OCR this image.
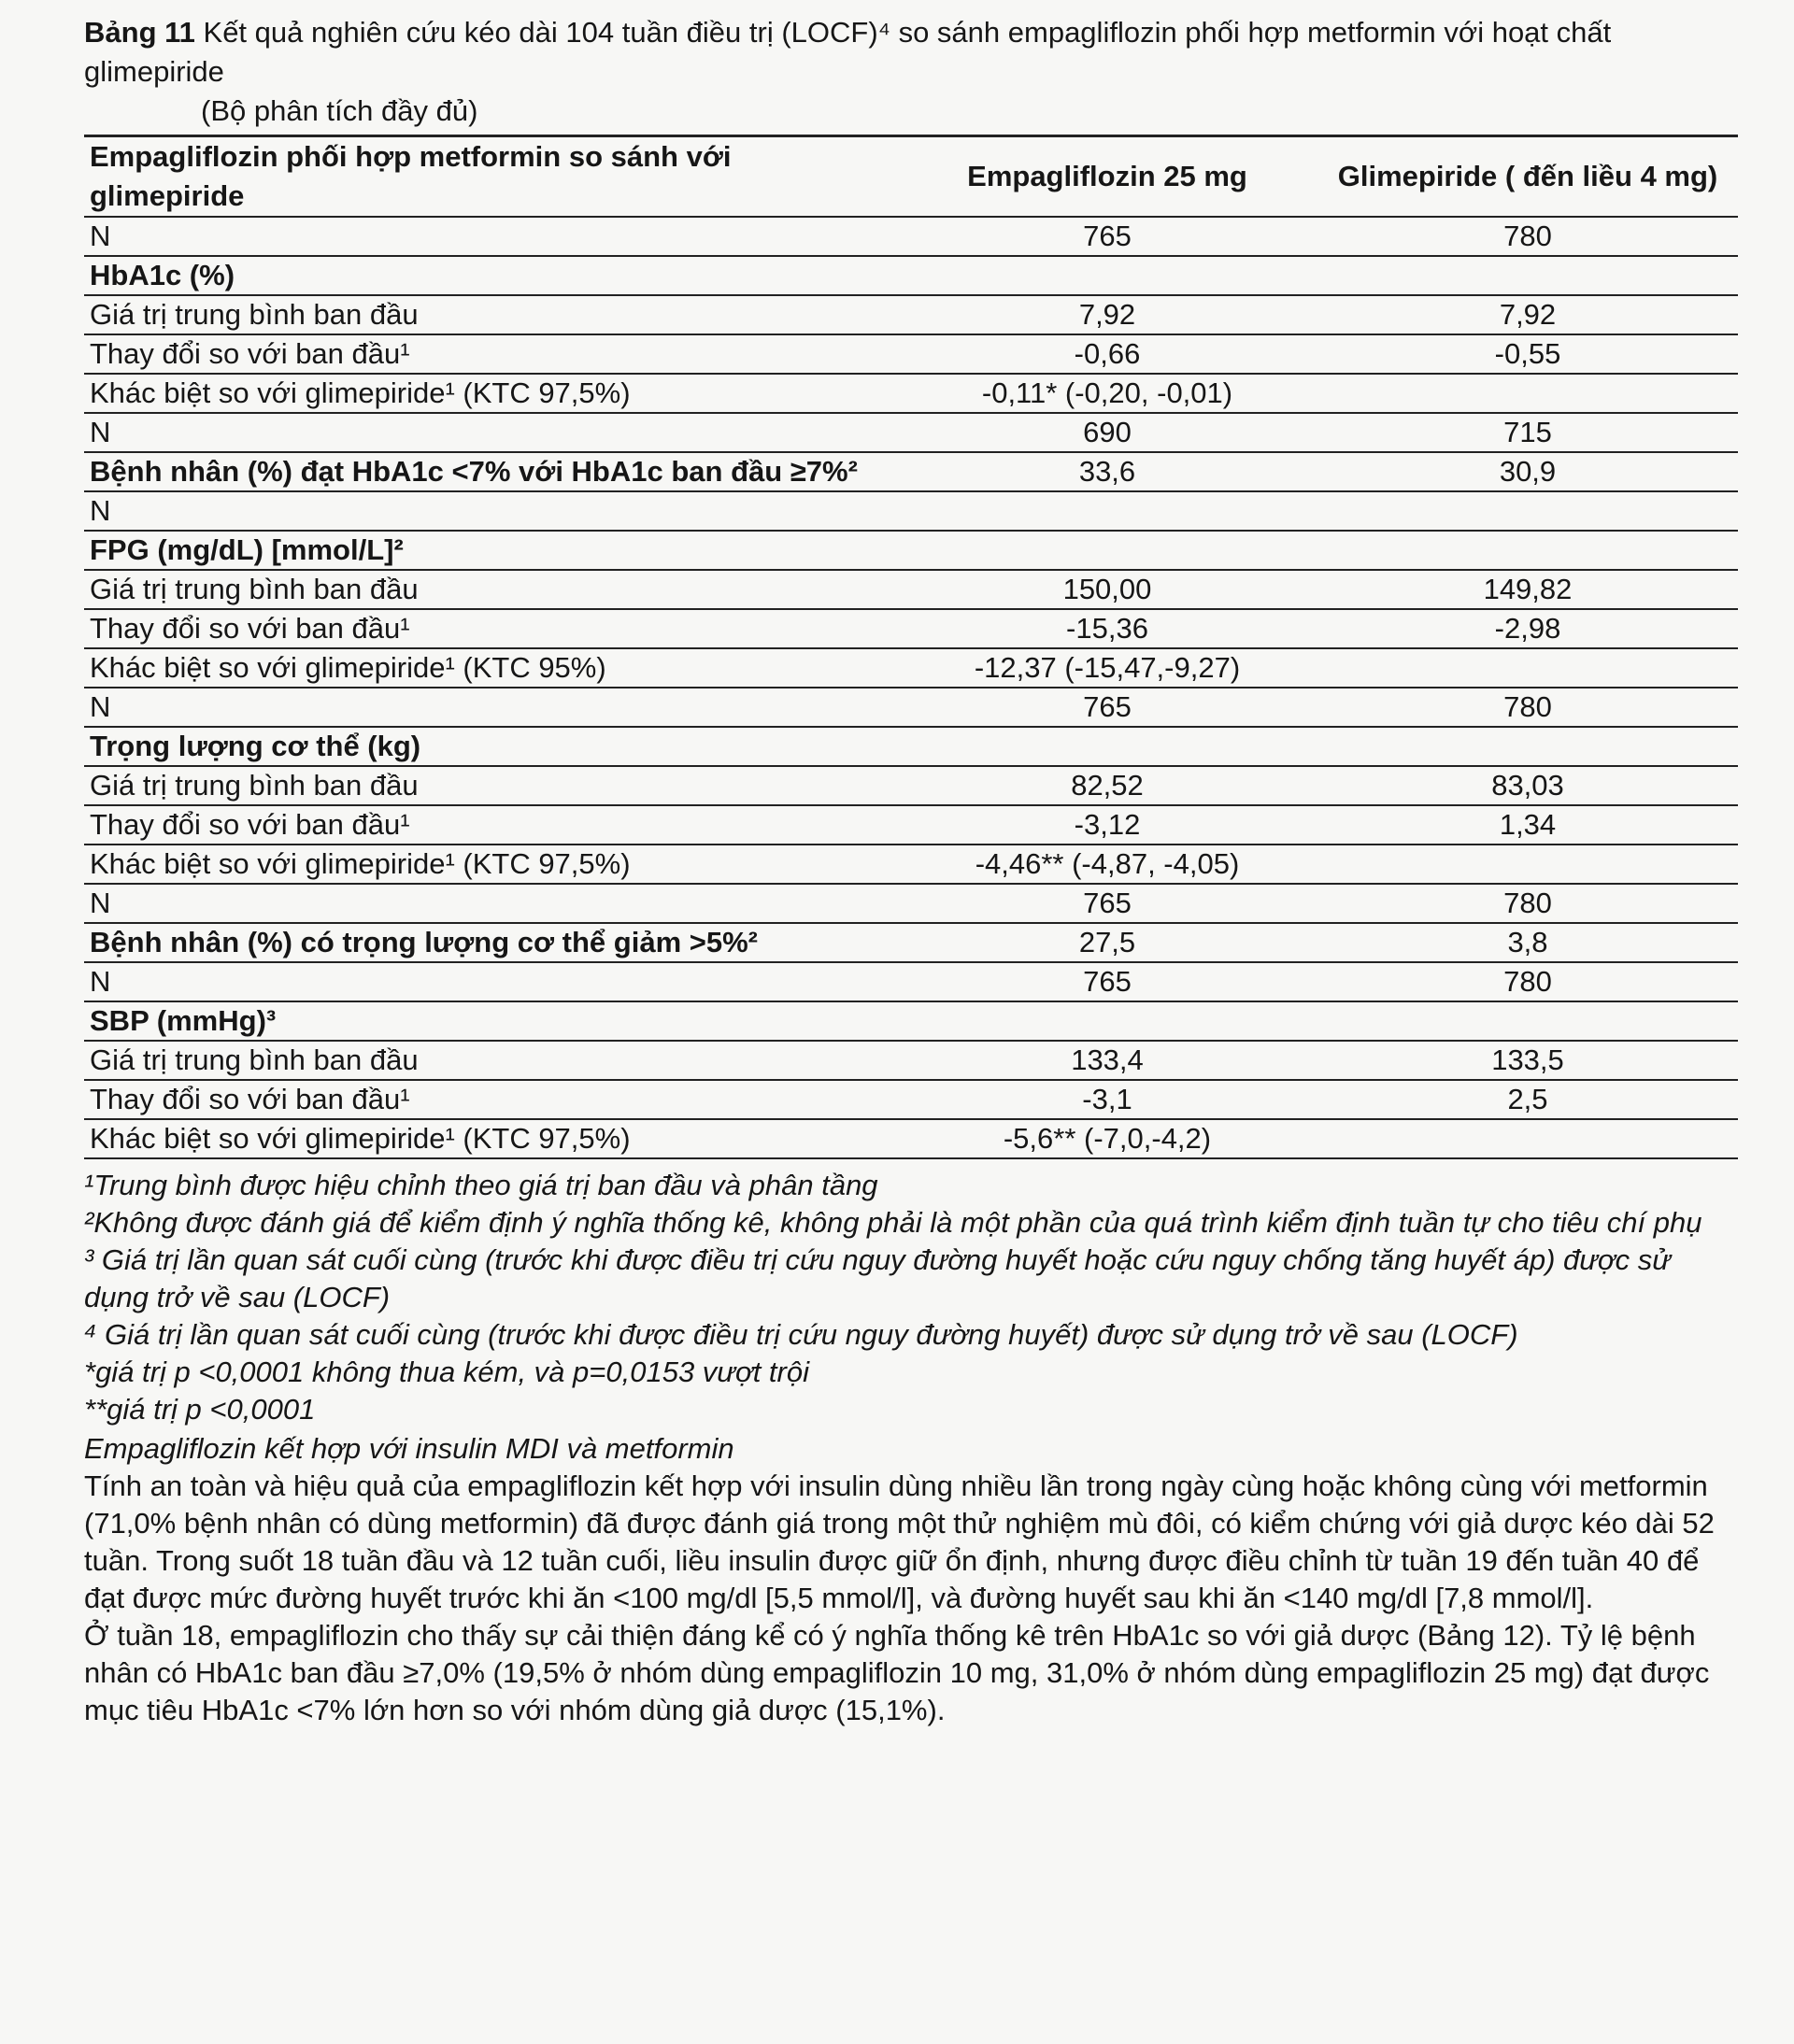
Bảng 11 Kết quả nghiên cứu kéo dài 104 tuần điều trị (LOCF)⁴ so sánh empagliflozin phối hợp metformin với hoạt chất glimepiride
(Bộ phân tích đầy đủ)
Empagliflozin phối hợp metformin so sánh với glimepiride	Empagliflozin 25 mg	Glimepiride ( đến liều 4 mg)
N	765	780
HbA1c (%)		
Giá trị trung bình ban đầu	7,92	7,92
Thay đổi so với ban đầu¹	-0,66	-0,55
Khác biệt so với glimepiride¹ (KTC 97,5%)	-0,11* (-0,20, -0,01)	
N	690	715
Bệnh nhân (%) đạt HbA1c <7% với HbA1c ban đầu ≥7%²	33,6	30,9
N		
FPG (mg/dL) [mmol/L]²		
Giá trị trung bình ban đầu	150,00	149,82
Thay đổi so với ban đầu¹	-15,36	-2,98
Khác biệt so với glimepiride¹ (KTC 95%)	-12,37 (-15,47,-9,27)	
N	765	780
Trọng lượng cơ thể (kg)		
Giá trị trung bình ban đầu	82,52	83,03
Thay đổi so với ban đầu¹	-3,12	1,34
Khác biệt so với glimepiride¹ (KTC 97,5%)	-4,46** (-4,87, -4,05)	
N	765	780
Bệnh nhân (%) có trọng lượng cơ thể giảm >5%²	27,5	3,8
N	765	780
SBP (mmHg)³		
Giá trị trung bình ban đầu	133,4	133,5
Thay đổi so với ban đầu¹	-3,1	2,5
Khác biệt so với glimepiride¹ (KTC 97,5%)	-5,6** (-7,0,-4,2)	
¹Trung bình được hiệu chỉnh theo giá trị ban đầu và phân tầng
²Không được đánh giá để kiểm định ý nghĩa thống kê, không phải là một phần của quá trình kiểm định tuần tự cho tiêu chí phụ
³ Giá trị lần quan sát cuối cùng (trước khi được điều trị cứu nguy đường huyết hoặc cứu nguy chống tăng huyết áp) được sử dụng trở về sau (LOCF)
⁴ Giá trị lần quan sát cuối cùng (trước khi được điều trị cứu nguy đường huyết) được sử dụng trở về sau (LOCF)
*giá trị p <0,0001 không thua kém, và p=0,0153 vượt trội
**giá trị p <0,0001
Empagliflozin kết hợp với insulin MDI và metformin
Tính an toàn và hiệu quả của empagliflozin kết hợp với insulin dùng nhiều lần trong ngày cùng hoặc không cùng với metformin (71,0% bệnh nhân có dùng metformin) đã được đánh giá trong một thử nghiệm mù đôi, có kiểm chứng với giả dược kéo dài 52 tuần. Trong suốt 18 tuần đầu và 12 tuần cuối, liều insulin được giữ ổn định, nhưng được điều chỉnh từ tuần 19 đến tuần 40 để đạt được mức đường huyết trước khi ăn <100 mg/dl [5,5 mmol/l], và đường huyết sau khi ăn <140 mg/dl [7,8 mmol/l].
Ở tuần 18, empagliflozin cho thấy sự cải thiện đáng kể có ý nghĩa thống kê trên HbA1c so với giả dược (Bảng 12). Tỷ lệ bệnh nhân có HbA1c ban đầu ≥7,0% (19,5% ở nhóm dùng empagliflozin 10 mg, 31,0% ở nhóm dùng empagliflozin 25 mg) đạt được mục tiêu HbA1c <7% lớn hơn so với nhóm dùng giả dược (15,1%).
